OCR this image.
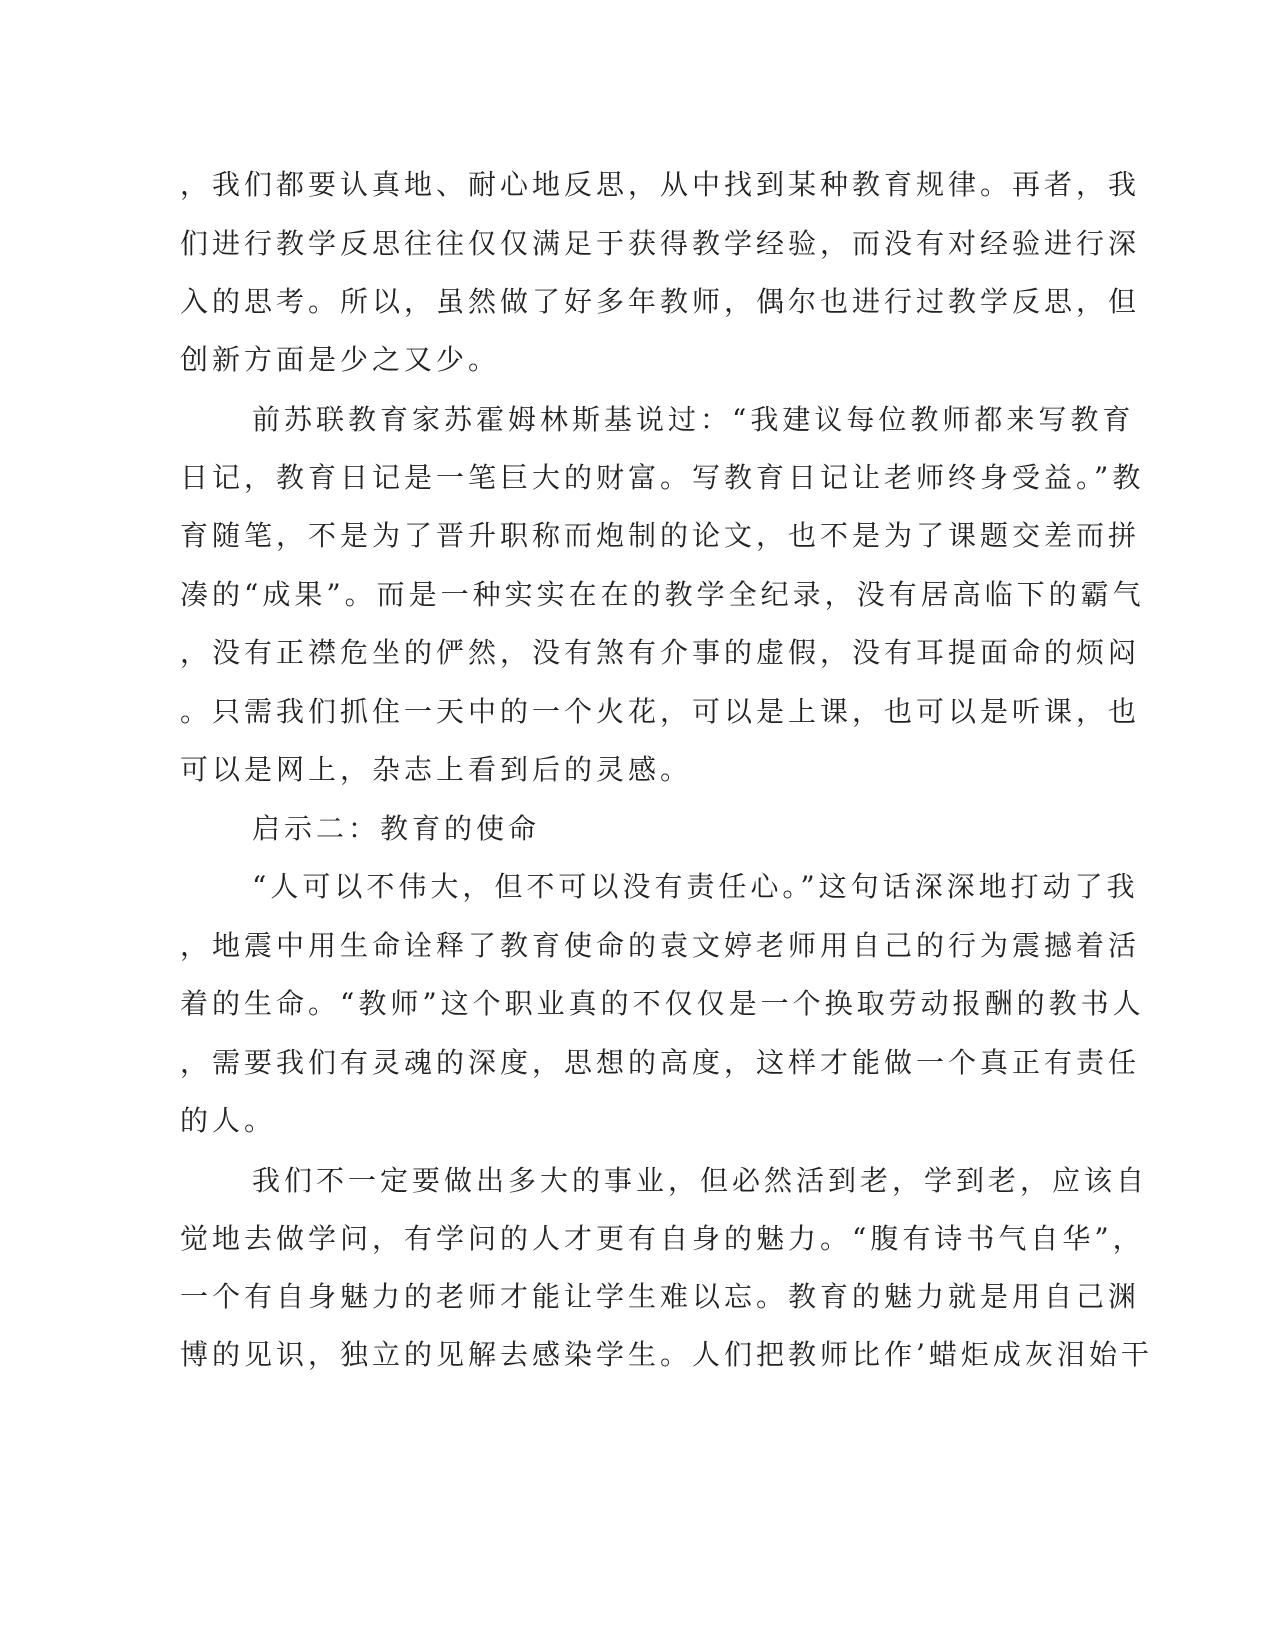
，我们都要认真地、耐心地反思，从中找到某种教育规律。再者，我
们进行教学反思往往仅仅满足于获得教学经验，而没有对经验进行深
入的思考。所以，虽然做了好多年教师，偶尔也进行过教学反思，但
创新方面是少之又少。
前苏联教育家苏霍姆林斯基说过：“我建议每位教师都来写教育
日记，教育日记是一笔巨大的财富。写教育日记让老师终身受益。”教
育随笔，不是为了晋升职称而炮制的论文，也不是为了课题交差而拼
凑的“成果”。而是一种实实在在的教学全纪录，没有居高临下的霸气
，没有正襟危坐的俨然，没有煞有介事的虚假，没有耳提面命的烦闷
。只需我们抓住一天中的一个火花，可以是上课，也可以是听课，也
可以是网上，杂志上看到后的灵感。
启示二：教育的使命
“人可以不伟大，但不可以没有责任心。”这句话深深地打动了我
，地震中用生命诠释了教育使命的袁文婷老师用自己的行为震撼着活
着的生命。“教师”这个职业真的不仅仅是一个换取劳动报酬的教书人
，需要我们有灵魂的深度，思想的高度，这样才能做一个真正有责任
的人。
我们不一定要做出多大的事业，但必然活到老，学到老，应该自
觉地去做学问，有学问的人才更有自身的魅力。“腹有诗书气自华”，
一个有自身魅力的老师才能让学生难以忘。教育的魅力就是用自己渊
博的见识，独立的见解去感染学生。人们把教师比作’蜡炬成灰泪始干
